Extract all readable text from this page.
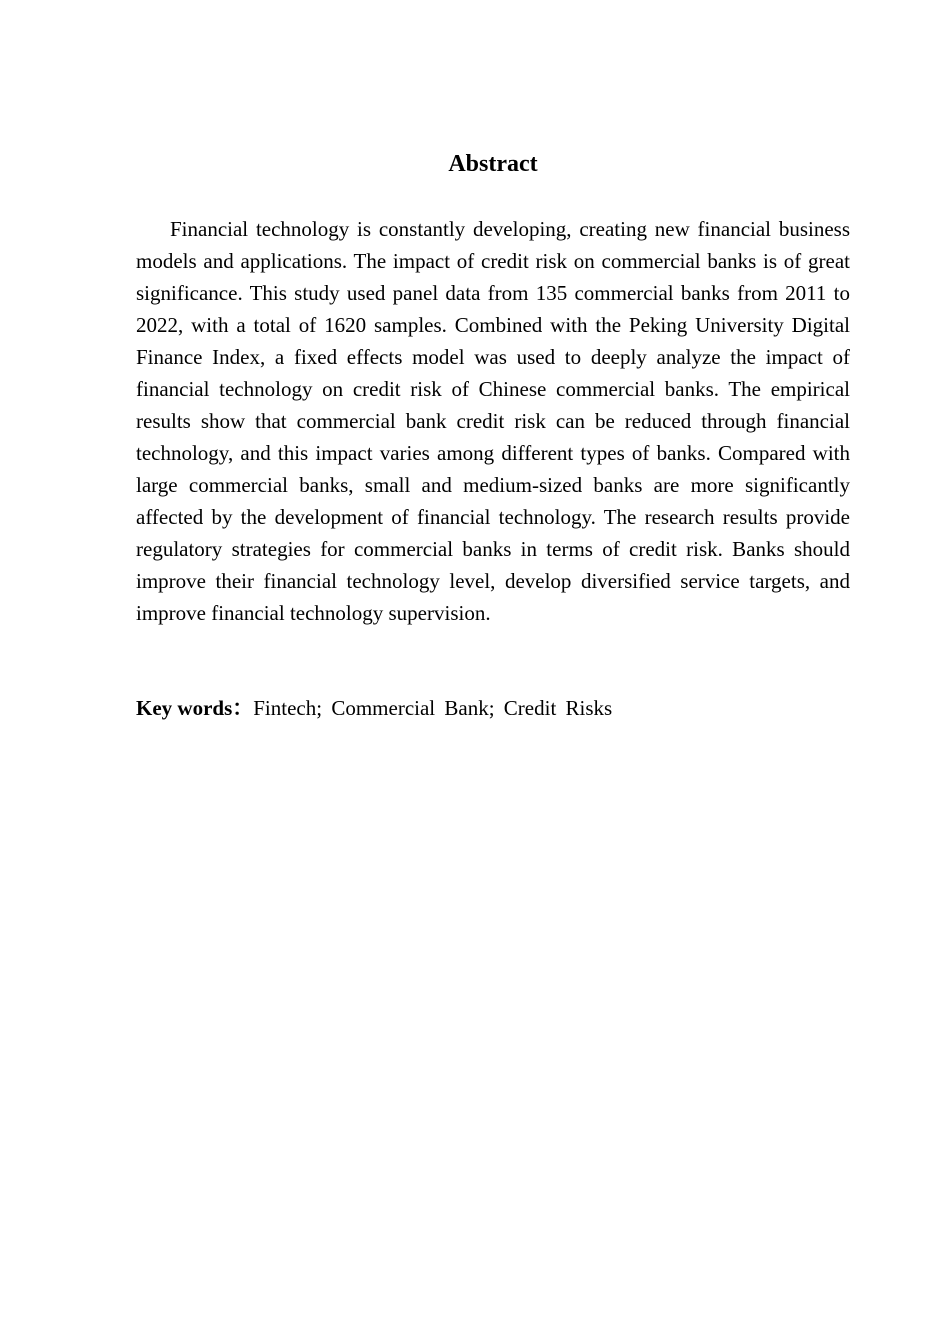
Abstract

Financial technology is constantly developing, creating new financial business models and applications. The impact of credit risk on commercial banks is of great significance. This study used panel data from 135 commercial banks from 2011 to 2022, with a total of 1620 samples. Combined with the Peking University Digital Finance Index, a fixed effects model was used to deeply analyze the impact of financial technology on credit risk of Chinese commercial banks. The empirical results show that commercial bank credit risk can be reduced through financial technology, and this impact varies among different types of banks. Compared with large commercial banks, small and medium-sized banks are more significantly affected by the development of financial technology. The research results provide regulatory strategies for commercial banks in terms of credit risk. Banks should improve their financial technology level, develop diversified service targets, and improve financial technology supervision.

Key words：Fintech; Commercial Bank; Credit Risks
